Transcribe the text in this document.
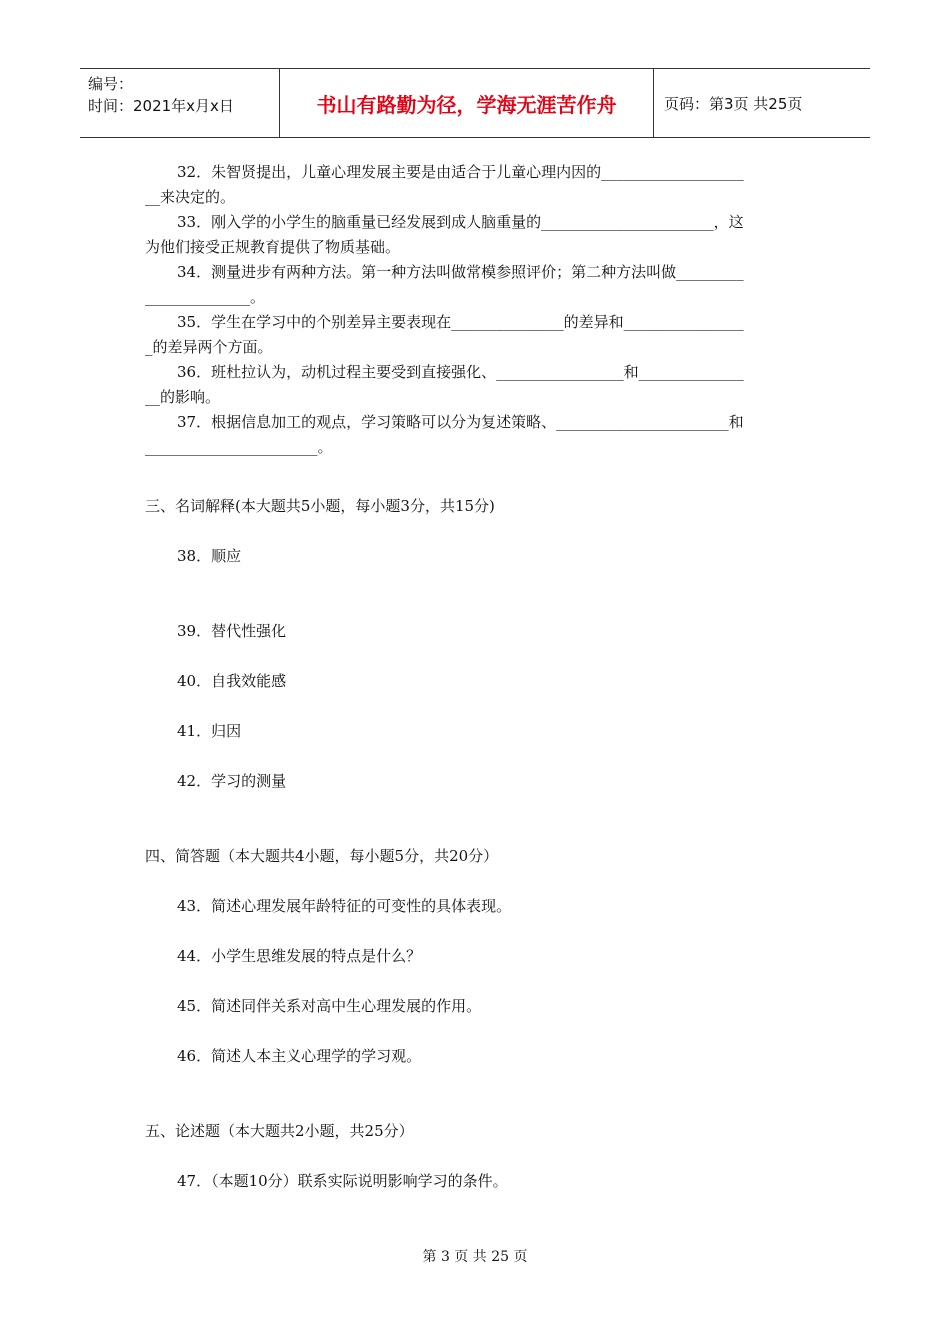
编号：
时间：2021年x月x日	书山有路勤为径，学海无涯苦作舟	页码：第3页 共25页
32．朱智贤提出，儿童心理发展主要是由适合于儿童心理内因的___________________
__来决定的。
33．刚入学的小学生的脑重量已经发展到成人脑重量的_______________________，这
为他们接受正规教育提供了物质基础。
34．测量进步有两种方法。第一种方法叫做常模参照评价；第二种方法叫做_________
______________。
35．学生在学习中的个别差异主要表现在_______________的差异和________________
_的差异两个方面。
36．班杜拉认为，动机过程主要受到直接强化、_________________和______________
__的影响。
37．根据信息加工的观点，学习策略可以分为复述策略、_______________________和
_______________________。
三、名词解释(本大题共5小题，每小题3分，共15分)
38．顺应
39．替代性强化
40．自我效能感
41．归因
42．学习的测量
四、简答题（本大题共4小题，每小题5分，共20分）
43．简述心理发展年龄特征的可变性的具体表现。
44．小学生思维发展的特点是什么？
45．简述同伴关系对高中生心理发展的作用。
46．简述人本主义心理学的学习观。
五、论述题（本大题共2小题，共25分）
47．（本题10分）联系实际说明影响学习的条件。
第 3 页 共 25 页
